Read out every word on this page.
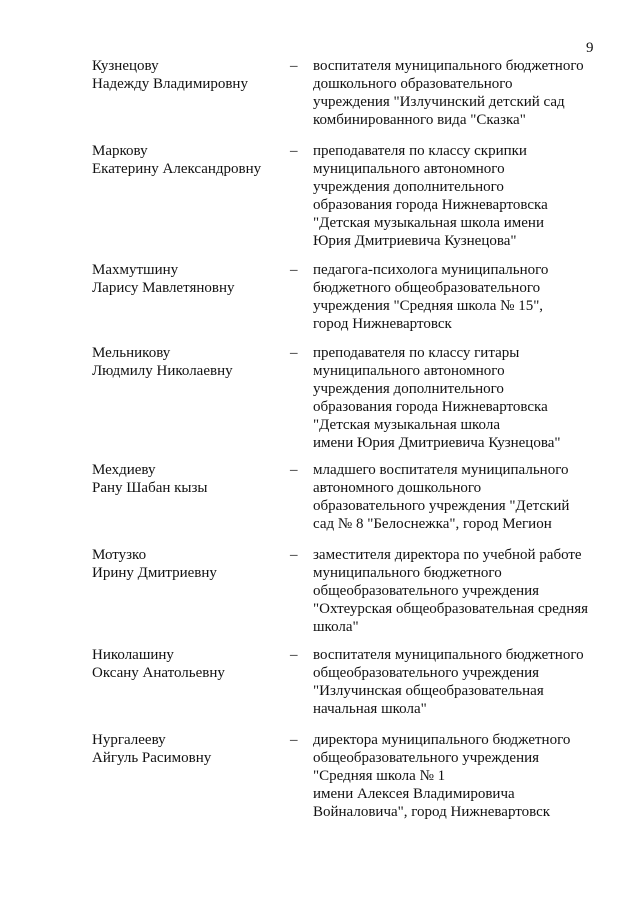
9
Кузнецову
Надежду Владимировну
– воспитателя муниципального бюджетного
дошкольного образовательного
учреждения "Излучинский детский сад
комбинированного вида "Сказка"
Маркову
Екатерину Александровну
– преподавателя по классу скрипки
муниципального автономного
учреждения дополнительного
образования города Нижневартовска
"Детская музыкальная школа имени
Юрия Дмитриевича Кузнецова"
Махмутшину
Ларису Мавлетяновну
– педагога-психолога муниципального
бюджетного общеобразовательного
учреждения "Средняя школа № 15",
город Нижневартовск
Мельникову
Людмилу Николаевну
– преподавателя по классу гитары
муниципального автономного
учреждения дополнительного
образования города Нижневартовска
"Детская музыкальная школа
имени Юрия Дмитриевича Кузнецова"
Мехдиеву
Рану Шабан кызы
– младшего воспитателя муниципального
автономного дошкольного
образовательного учреждения "Детский
сад № 8 "Белоснежка", город Мегион
Мотузко
Ирину Дмитриевну
– заместителя директора по учебной работе
муниципального бюджетного
общеобразовательного учреждения
"Охтеурская общеобразовательная средняя
школа"
Николашину
Оксану Анатольевну
– воспитателя муниципального бюджетного
общеобразовательного учреждения
"Излучинская общеобразовательная
начальная школа"
Нургалееву
Айгуль Расимовну
– директора муниципального бюджетного
общеобразовательного учреждения
"Средняя школа № 1
имени Алексея Владимировича
Войналовича", город Нижневартовск
